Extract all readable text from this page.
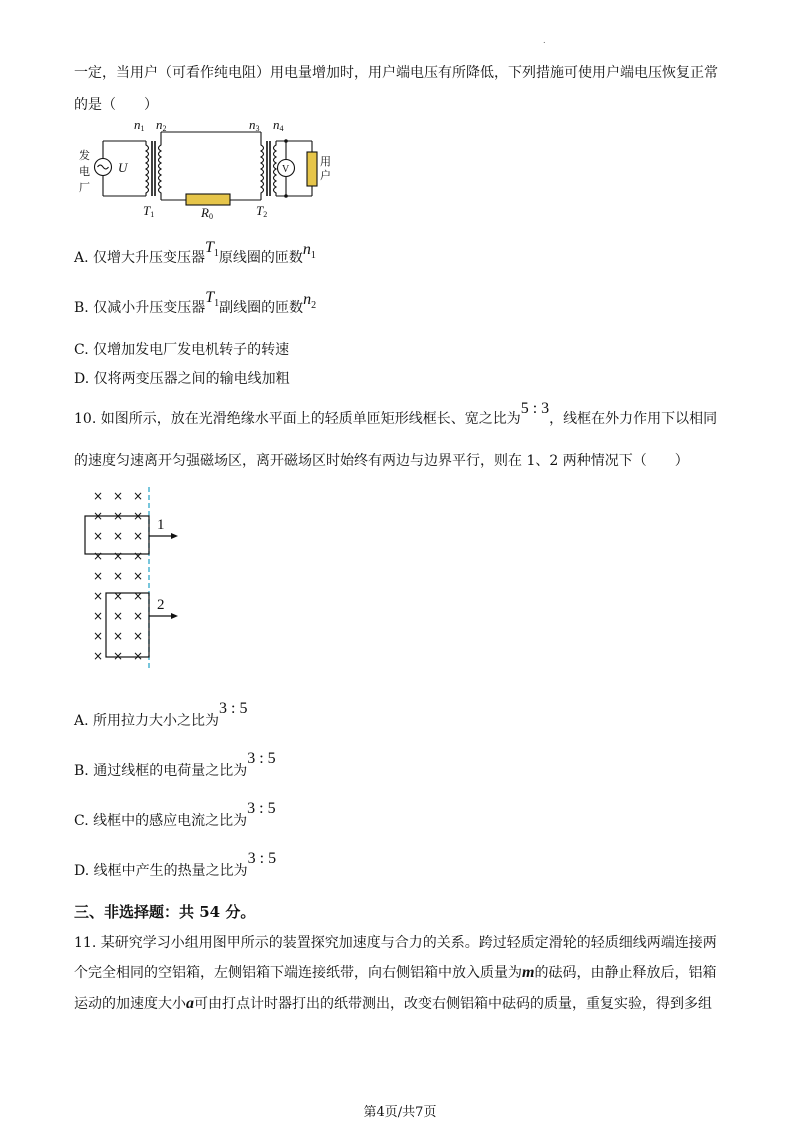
.
一定，当用户（可看作纯电阻）用电量增加时，用户端电压有所降低，下列措施可使用户端电压恢复正常
的是（　　）
n1 n2	n3 n4
U
T1	T2
R0
V
发
电
厂
用
户
A. 仅增大升压变压器$T_1$原线圈的匝数$n_1$
B. 仅减小升压变压器$T_1$副线圈的匝数$n_2$
C. 仅增加发电厂发电机转子的转速
D. 仅将两变压器之间的输电线加粗
10. 如图所示，放在光滑绝缘水平面上的轻质单匝矩形线框长、宽之比为5 : 3，线框在外力作用下以相同
的速度匀速离开匀强磁场区，离开磁场区时始终有两边与边界平行，则在 1、2 两种情况下（　　）
× × ×
× × ×
× × ×
× × ×
× × ×
× × ×
× × ×
× × ×
× × ×
1
2
A. 所用拉力大小之比为3 : 5
B. 通过线框的电荷量之比为3 : 5
C. 线框中的感应电流之比为3 : 5
D. 线框中产生的热量之比为3 : 5
三、非选择题：共 54 分。
11. 某研究学习小组用图甲所示的装置探究加速度与合力的关系。跨过轻质定滑轮的轻质细线两端连接两
个完全相同的空铝箱，左侧铝箱下端连接纸带，向右侧铝箱中放入质量为m的砝码，由静止释放后，铝箱
运动的加速度大小a可由打点计时器打出的纸带测出，改变右侧铝箱中砝码的质量，重复实验，得到多组
第4页/共7页
